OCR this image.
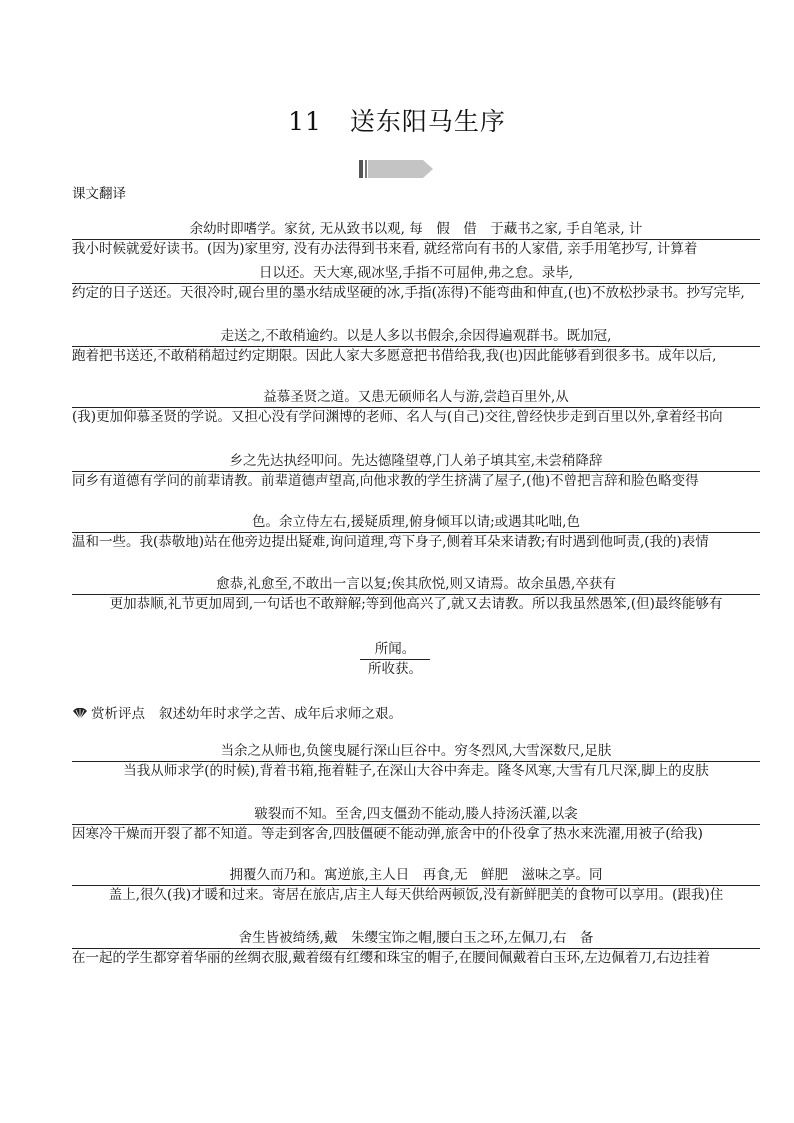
11 送东阳马生序
课文翻译
余幼时即嗜学。家贫, 无从致书以观, 每　假　借　于藏书之家, 手自笔录, 计
我小时候就爱好读书。(因为)家里穷, 没有办法得到书来看, 就经常向有书的人家借, 亲手用笔抄写, 计算着
日以还。天大寒,砚冰坚,手指不可屈伸,弗之怠。录毕,
约定的日子送还。天很冷时,砚台里的墨水结成坚硬的冰,手指(冻得)不能弯曲和伸直,(也)不放松抄录书。抄写完毕,
走送之,不敢稍逾约。以是人多以书假余,余因得遍观群书。既加冠,
跑着把书送还,不敢稍稍超过约定期限。因此人家大多愿意把书借给我,我(也)因此能够看到很多书。成年以后,
益慕圣贤之道。又患无硕师名人与游,尝趋百里外,从
(我)更加仰慕圣贤的学说。又担心没有学问渊博的老师、名人与(自己)交往,曾经快步走到百里以外,拿着经书向
乡之先达执经叩问。先达德隆望尊,门人弟子填其室,未尝稍降辞
同乡有道德有学问的前辈请教。前辈道德声望高,向他求教的学生挤满了屋子,(他)不曾把言辞和脸色略变得
色。余立侍左右,援疑质理,俯身倾耳以请;或遇其叱咄,色
温和一些。我(恭敬地)站在他旁边提出疑难,询问道理,弯下身子,侧着耳朵来请教;有时遇到他呵责,(我的)表情
愈恭,礼愈至,不敢出一言以复;俟其欣悦,则又请焉。故余虽愚,卒获有
更加恭顺,礼节更加周到,一句话也不敢辩解;等到他高兴了,就又去请教。所以我虽然愚笨,(但)最终能够有
所闻。
所收获。
赏析评点 叙述幼年时求学之苦、成年后求师之艰。
当余之从师也,负箧曳屣行深山巨谷中。穷冬烈风,大雪深数尺,足肤
当我从师求学(的时候),背着书箱,拖着鞋子,在深山大谷中奔走。隆冬风寒,大雪有几尺深,脚上的皮肤
皲裂而不知。至舍,四支僵劲不能动,媵人持汤沃灌,以衾
因寒冷干燥而开裂了都不知道。等走到客舍,四肢僵硬不能动弹,旅舍中的仆役拿了热水来洗濯,用被子(给我)
拥覆久而乃和。寓逆旅,主人日　再食,无　鲜肥　滋味之享。同
盖上,很久(我)才暖和过来。寄居在旅店,店主人每天供给两顿饭,没有新鲜肥美的食物可以享用。(跟我)住
舍生皆被绮绣,戴　朱缨宝饰之帽,腰白玉之环,左佩刀,右　备
在一起的学生都穿着华丽的丝绸衣服,戴着缀有红缨和珠宝的帽子,在腰间佩戴着白玉环,左边佩着刀,右边挂着
